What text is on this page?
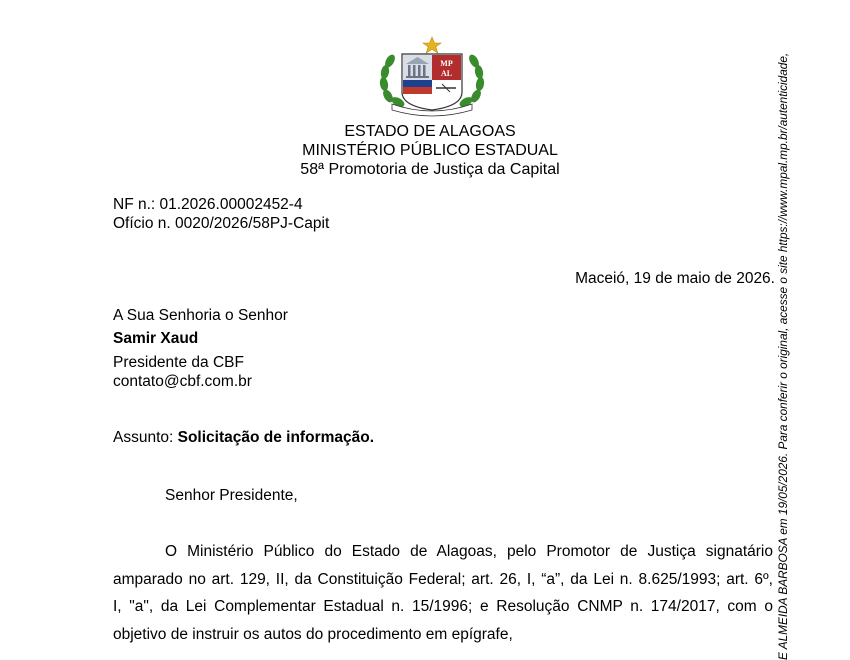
MP
AL
ESTADO DE ALAGOAS
MINISTÉRIO PÚBLICO ESTADUAL
58ª Promotoria de Justiça da Capital
NF n.: 01.2026.00002452-4
Ofício n. 0020/2026/58PJ-Capit
Maceió, 19 de maio de 2026.
A Sua Senhoria o Senhor
Samir Xaud
Presidente da CBF
contato@cbf.com.br
Assunto: Solicitação de informação.
Senhor Presidente,
O Ministério Público do Estado de Alagoas, pelo Promotor de Justiça signatário
amparado no art. 129, II, da Constituição Federal; art. 26, I, “a”, da Lei n. 8.625/1993; art. 6º,
I, "a", da Lei Complementar Estadual n. 15/1996; e Resolução CNMP n. 174/2017, com o
objetivo de instruir os autos do procedimento em epígrafe,	E ALMEIDA BARBOSA em 19/05/2026. Para conferir o original, acesse o site https://www.mpal.mp.br/autenticidade,
